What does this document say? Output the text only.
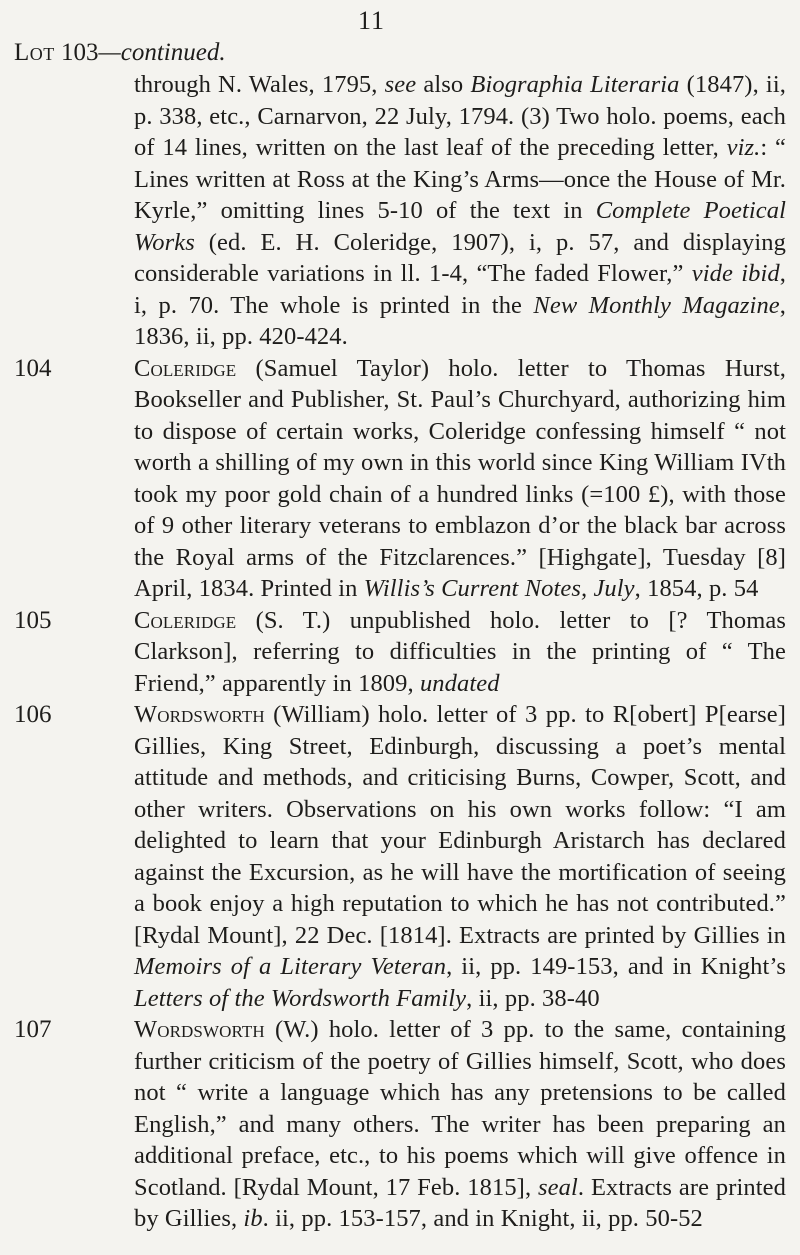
11
Lot 103—continued.
through N. Wales, 1795, see also Biographia Literaria (1847), ii, p. 338, etc., Carnarvon, 22 July, 1794. (3) Two holo. poems, each of 14 lines, written on the last leaf of the preceding letter, viz.: “ Lines written at Ross at the King’s Arms—once the House of Mr. Kyrle,” omitting lines 5-10 of the text in Complete Poetical Works (ed. E. H. Coleridge, 1907), i, p. 57, and displaying considerable variations in ll. 1-4, “The faded Flower,” vide ibid, i, p. 70. The whole is printed in the New Monthly Magazine, 1836, ii, pp. 420-424.
104	Coleridge (Samuel Taylor) holo. letter to Thomas Hurst, Bookseller and Publisher, St. Paul’s Churchyard, authorizing him to dispose of certain works, Coleridge confessing himself “ not worth a shilling of my own in this world since King William IVth took my poor gold chain of a hundred links (=100 £), with those of 9 other literary veterans to emblazon d’or the black bar across the Royal arms of the Fitzclarences.” [Highgate], Tuesday [8] April, 1834. Printed in Willis’s Current Notes, July, 1854, p. 54
105	Coleridge (S. T.) unpublished holo. letter to [? Thomas Clarkson], referring to difficulties in the printing of “ The Friend,” apparently in 1809, undated
106	Wordsworth (William) holo. letter of 3 pp. to R[obert] P[earse] Gillies, King Street, Edinburgh, discussing a poet’s mental attitude and methods, and criticising Burns, Cowper, Scott, and other writers. Observations on his own works follow: “I am delighted to learn that your Edinburgh Aristarch has declared against the Excursion, as he will have the mortification of seeing a book enjoy a high reputation to which he has not contributed.” [Rydal Mount], 22 Dec. [1814]. Extracts are printed by Gillies in Memoirs of a Literary Veteran, ii, pp. 149-153, and in Knight’s Letters of the Wordsworth Family, ii, pp. 38-40
107	Wordsworth (W.) holo. letter of 3 pp. to the same, containing further criticism of the poetry of Gillies himself, Scott, who does not “ write a language which has any pretensions to be called English,” and many others. The writer has been preparing an additional preface, etc., to his poems which will give offence in Scotland. [Rydal Mount, 17 Feb. 1815], seal. Extracts are printed by Gillies, ib. ii, pp. 153-157, and in Knight, ii, pp. 50-52
